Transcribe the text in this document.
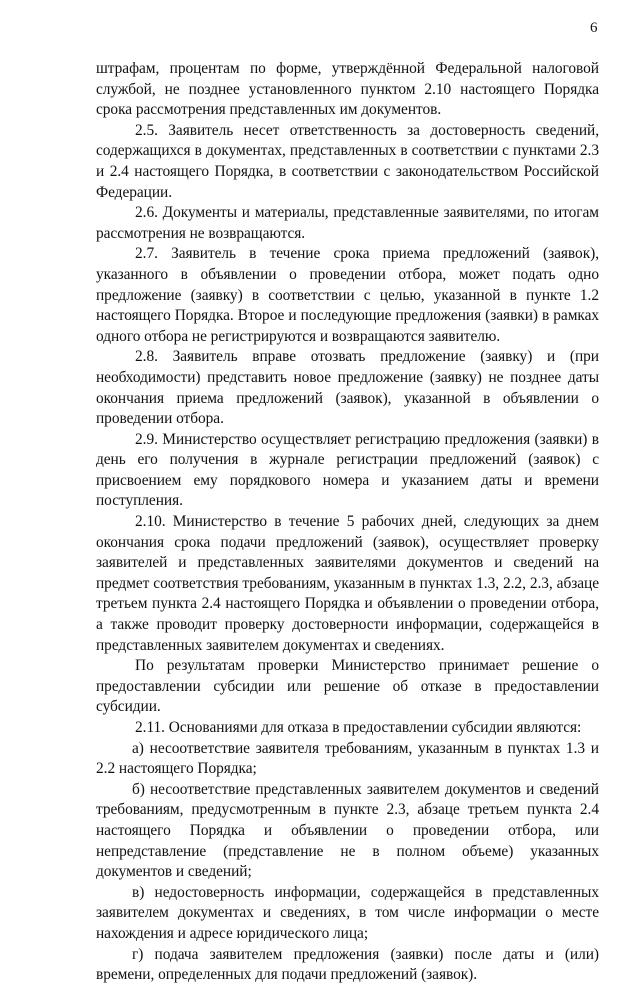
6

штрафам, процентам по форме, утверждённой Федеральной налоговой службой, не позднее установленного пунктом 2.10 настоящего Порядка срока рассмотрения представленных им документов.

2.5. Заявитель несет ответственность за достоверность сведений, содержащихся в документах, представленных в соответствии с пунктами 2.3 и 2.4 настоящего Порядка, в соответствии с законодательством Российской Федерации.

2.6. Документы и материалы, представленные заявителями, по итогам рассмотрения не возвращаются.

2.7. Заявитель в течение срока приема предложений (заявок), указанного в объявлении о проведении отбора, может подать одно предложение (заявку) в соответствии с целью, указанной в пункте 1.2 настоящего Порядка. Второе и последующие предложения (заявки) в рамках одного отбора не регистрируются и возвращаются заявителю.

2.8. Заявитель вправе отозвать предложение (заявку) и (при необходимости) представить новое предложение (заявку) не позднее даты окончания приема предложений (заявок), указанной в объявлении о проведении отбора.

2.9. Министерство осуществляет регистрацию предложения (заявки) в день его получения в журнале регистрации предложений (заявок) с присвоением ему порядкового номера и указанием даты и времени поступления.

2.10. Министерство в течение 5 рабочих дней, следующих за днем окончания срока подачи предложений (заявок), осуществляет проверку заявителей и представленных заявителями документов и сведений на предмет соответствия требованиям, указанным в пунктах 1.3, 2.2, 2.3, абзаце третьем пункта 2.4 настоящего Порядка и объявлении о проведении отбора, а также проводит проверку достоверности информации, содержащейся в представленных заявителем документах и сведениях.

По результатам проверки Министерство принимает решение о предоставлении субсидии или решение об отказе в предоставлении субсидии.

2.11. Основаниями для отказа в предоставлении субсидии являются:

а) несоответствие заявителя требованиям, указанным в пунктах 1.3 и 2.2 настоящего Порядка;

б) несоответствие представленных заявителем документов и сведений требованиям, предусмотренным в пункте 2.3, абзаце третьем пункта 2.4 настоящего Порядка и объявлении о проведении отбора, или непредставление (представление не в полном объеме) указанных документов и сведений;

в) недостоверность информации, содержащейся в представленных заявителем документах и сведениях, в том числе информации о месте нахождения и адресе юридического лица;

г) подача заявителем предложения (заявки) после даты и (или) времени, определенных для подачи предложений (заявок).
